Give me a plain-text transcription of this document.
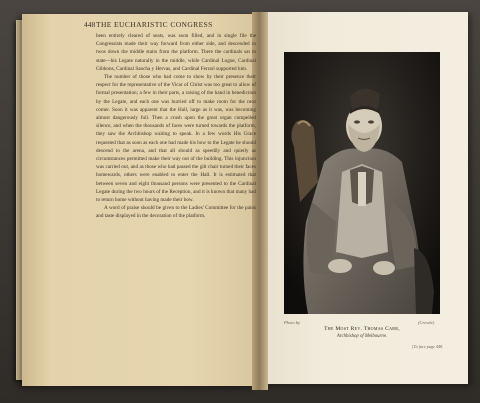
448 THE EUCHARISTIC CONGRESS

been entirely cleared of seats, was soon filled, and in single file the Congressists made their way forward from either side, and descended in twos down the middle stairs from the platform. There the cardinals sat in state—his Legate naturally in the middle, while Cardinal Logue, Cardinal Gibbons, Cardinal Sancha y Hervas, and Cardinal Ferrari supported him.

The number of those who had come to show by their presence their respect for the representative of the Vicar of Christ was too great to allow of formal presentation; a few in their parts, a raising of the hand in benediction by the Legate, and each one was hurried off to make room for the next comer. Soon it was apparent that the Hall, large as it was, was becoming almost dangerously full. Then a crush upon the great organ compelled silence, and when the thousands of faces were turned towards the platform, they saw the Archbishop waiting to speak. In a few words His Grace requested that as soon as each one had made his bow to the Legate he should descend to the arena, and that all should as speedily and quietly as circumstances permitted make their way out of the building. This injunction was carried out, and as those who had passed the gilt chair turned their faces homewards, others were enabled to enter the Hall. It is estimated that between seven and eight thousand persons were presented to the Cardinal Legate during the two hours of the Reception, and it is known that many had to return home without having made their bow.

A word of praise should be given to the Ladies' Committee for the pains and taste displayed in the decoration of the platform.

Photo by	(Crowle).
The Most Rev. Thomas Carr,
Archbishop of Melbourne.
[To face page 448.
